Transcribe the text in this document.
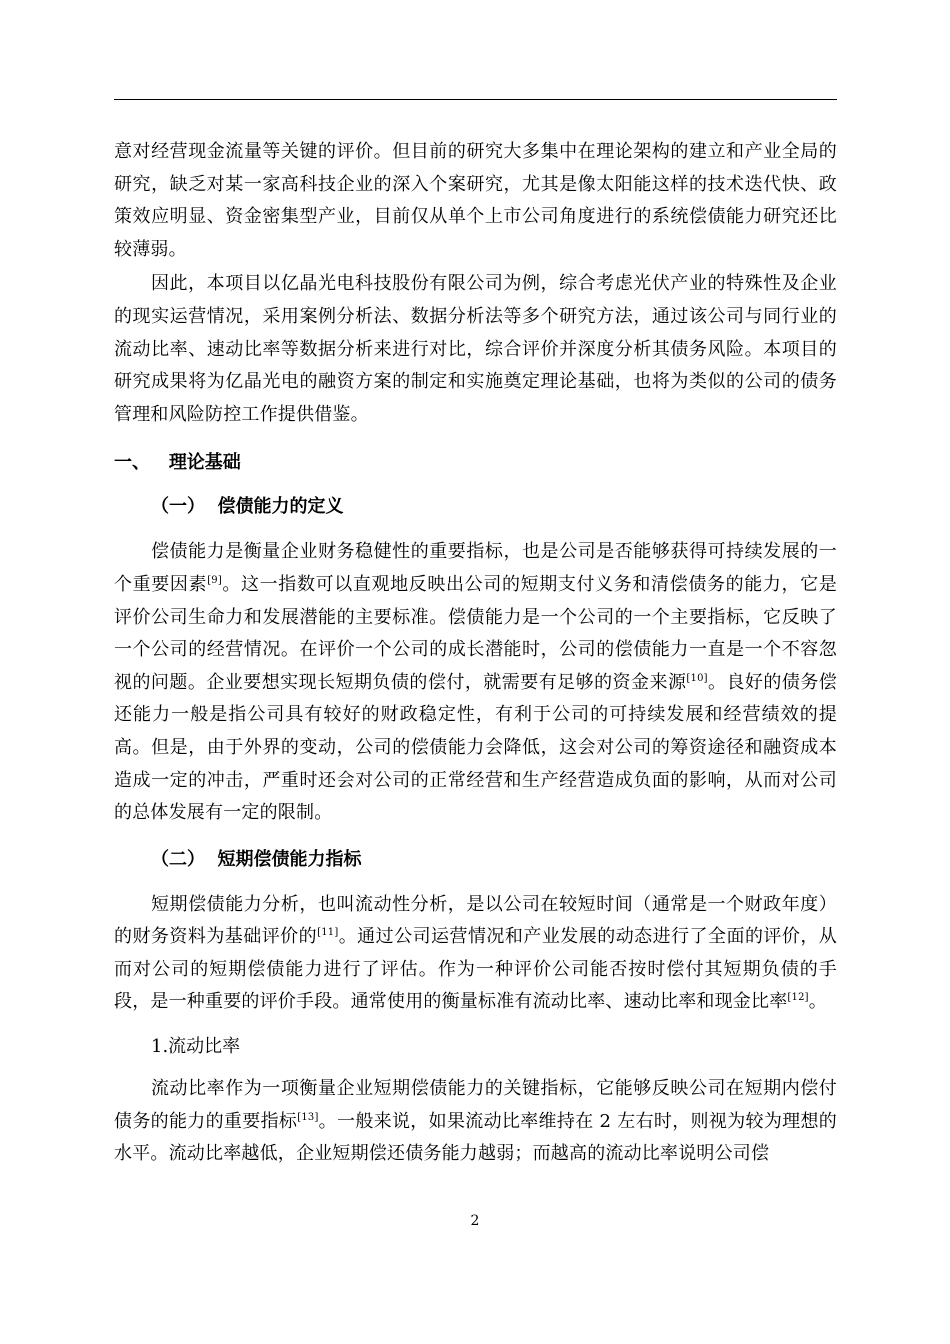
意对经营现金流量等关键的评价。但目前的研究大多集中在理论架构的建立和产业全局的研究，缺乏对某一家高科技企业的深入个案研究，尤其是像太阳能这样的技术迭代快、政策效应明显、资金密集型产业，目前仅从单个上市公司角度进行的系统偿债能力研究还比较薄弱。

因此，本项目以亿晶光电科技股份有限公司为例，综合考虑光伏产业的特殊性及企业的现实运营情况，采用案例分析法、数据分析法等多个研究方法，通过该公司与同行业的流动比率、速动比率等数据分析来进行对比，综合评价并深度分析其债务风险。本项目的研究成果将为亿晶光电的融资方案的制定和实施奠定理论基础，也将为类似的公司的债务管理和风险防控工作提供借鉴。

一、 理论基础
（一） 偿债能力的定义

偿债能力是衡量企业财务稳健性的重要指标，也是公司是否能够获得可持续发展的一个重要因素[9]。这一指数可以直观地反映出公司的短期支付义务和清偿债务的能力，它是评价公司生命力和发展潜能的主要标准。偿债能力是一个公司的一个主要指标，它反映了一个公司的经营情况。在评价一个公司的成长潜能时，公司的偿债能力一直是一个不容忽视的问题。企业要想实现长短期负债的偿付，就需要有足够的资金来源[10]。良好的债务偿还能力一般是指公司具有较好的财政稳定性，有利于公司的可持续发展和经营绩效的提高。但是，由于外界的变动，公司的偿债能力会降低，这会对公司的筹资途径和融资成本造成一定的冲击，严重时还会对公司的正常经营和生产经营造成负面的影响，从而对公司的总体发展有一定的限制。

（二） 短期偿债能力指标

短期偿债能力分析，也叫流动性分析，是以公司在较短时间（通常是一个财政年度）的财务资料为基础评价的[11]。通过公司运营情况和产业发展的动态进行了全面的评价，从而对公司的短期偿债能力进行了评估。作为一种评价公司能否按时偿付其短期负债的手段，是一种重要的评价手段。通常使用的衡量标准有流动比率、速动比率和现金比率[12]。

1.流动比率

流动比率作为一项衡量企业短期偿债能力的关键指标，它能够反映公司在短期内偿付债务的能力的重要指标[13]。一般来说，如果流动比率维持在 2 左右时，则视为较为理想的水平。流动比率越低，企业短期偿还债务能力越弱；而越高的流动比率说明公司偿

2
